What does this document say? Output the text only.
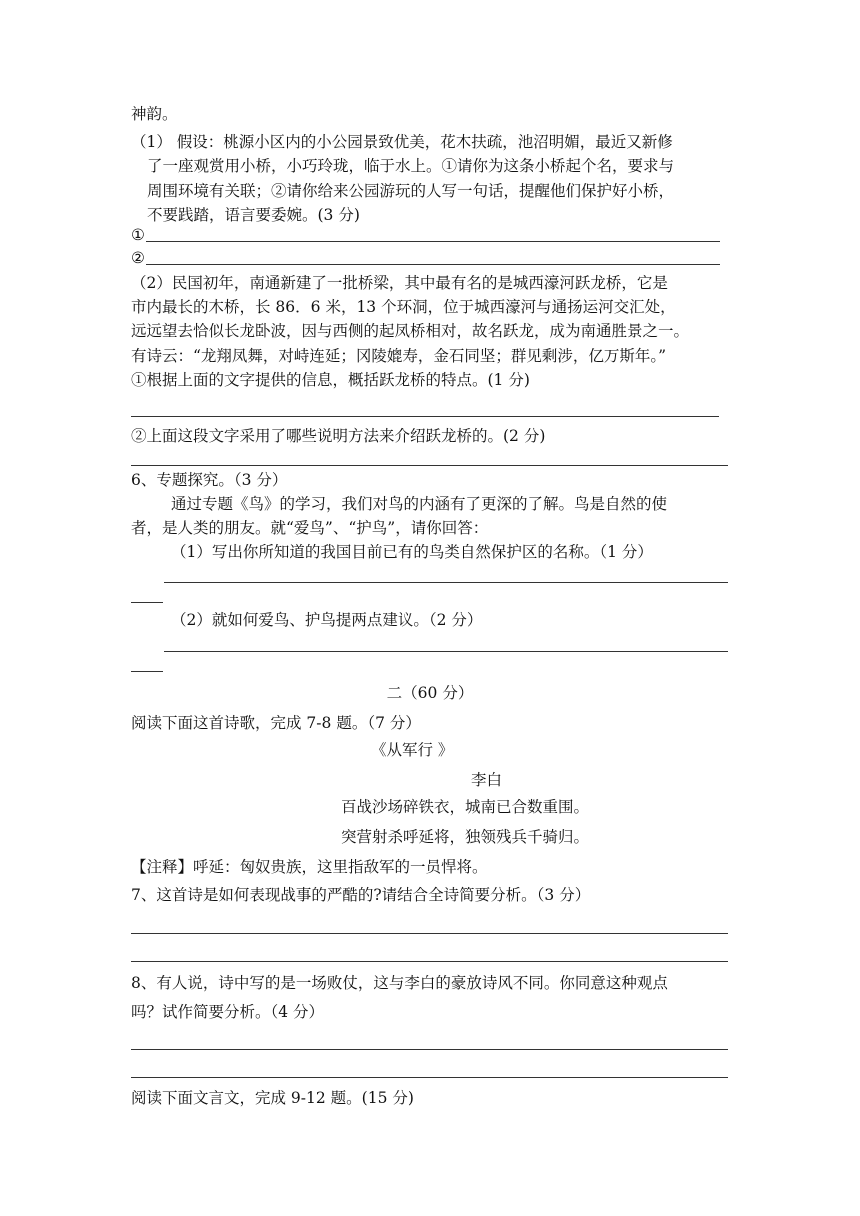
神韵。
（1） 假设：桃源小区内的小公园景致优美，花木扶疏，池沼明媚，最近又新修
了一座观赏用小桥，小巧玲珑，临于水上。①请你为这条小桥起个名，要求与
周围环境有关联；②请你给来公园游玩的人写一句话，提醒他们保护好小桥，
不要践踏，语言要委婉。(3 分)
①
②
（2）民国初年，南通新建了一批桥梁，其中最有名的是城西濠河跃龙桥，它是
市内最长的木桥，长 86．6 米，13 个环洞，位于城西濠河与通扬运河交汇处，
远远望去恰似长龙卧波，因与西侧的起凤桥相对，故名跃龙，成为南通胜景之一。
有诗云：“龙翔凤舞，对峙连延；冈陵媲寿，金石同坚；群见剩涉，亿万斯年。”
①根据上面的文字提供的信息，概括跃龙桥的特点。(1 分)
②上面这段文字采用了哪些说明方法来介绍跃龙桥的。(2 分)
6、专题探究。（3 分）
通过专题《鸟》的学习，我们对鸟的内涵有了更深的了解。鸟是自然的使
者，是人类的朋友。就“爱鸟”、“护鸟”，请你回答：
（1）写出你所知道的我国目前已有的鸟类自然保护区的名称。（1 分）
（2）就如何爱鸟、护鸟提两点建议。（2 分）
二（60 分）
阅读下面这首诗歌，完成 7-8 题。（7 分）
《从军行 》
李白
百战沙场碎铁衣，城南已合数重围。
突营射杀呼延将，独领残兵千骑归。
【注释】呼延：匈奴贵族，这里指敌军的一员悍将。
7、这首诗是如何表现战事的严酷的?请结合全诗简要分析。（3 分）
8、有人说，诗中写的是一场败仗，这与李白的豪放诗风不同。你同意这种观点
吗？试作简要分析。（4 分）
阅读下面文言文，完成 9-12 题。(15 分)
